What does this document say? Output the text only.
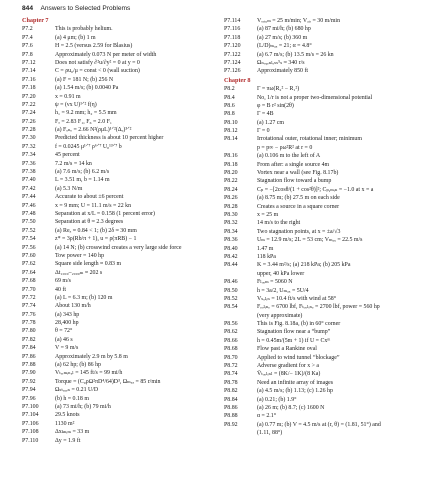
844 Answers to Selected Problems
Chapter 7
P7.2	This is probably helium.
P7.4	(a) 4 μm; (b) 1 m
P7.6	H = 2.5 (versus 2.59 for Blasius)
P7.8	Approximately 0.073 N per meter of width
P7.12	Does not satisfy ∂²u/∂y² = 0 at y = 0
P7.14	C = ρu₀/μ = const < 0 (wall suction)
P7.16	(a) F = 181 N; (b) 256 N
P7.18	(a) 1.54 m/s; (b) 0.0040 Pa
P7.20	x = 0.91 m
P7.22	ψ = (νx U)¹ᐟ² f(η)
P7.24	h₁ = 9.2 mm; h₂ = 5.5 mm
P7.26	Fₐ = 2.83 F₁, F₆ = 2.0 F₁
P7.28	(a) Fₒₙₑ = 2.66 N²(ρμL)¹ᐟ²(Δᵤ)³ᐟ²
P7.30	Predicted thickness is about 10 percent higher
P7.32	f = 0.0245 μ¹ᐟ⁷ ρ⁶ᐟ⁷ U₀¹³ᐟ⁷ b
P7.34	45 percent
P7.36	7.2 m/s = 14 kn
P7.38	(a) 7.6 m/s; (b) 6.2 m/s
P7.40	L = 3.51 m, b = 1.14 m
P7.42	(a) 5.3 N/m
P7.44	Accurate to about ±6 percent
P7.46	x = 9 mm; U = 11.1 m/s = 22 kn
P7.48	Separation at x/L = 0.158 (1 percent error)
P7.50	Separation at θ ≈ 2.3 degrees
P7.52	(a) Reₓ ≈ 0.84 < 1; (b) 2δ ≈ 30 mm
P7.54	z* = 3ρ(Rb/π + 1), u = ρ(πRB) − 1
P7.56	(a) 14 N; (b) crosswind creates a very large side force
P7.60	Tow power = 140 hp
P7.62	Square side length ≈ 0.83 m
P7.64	Δt₁₀₀₀–₂₀₀₀ₘ ≈ 202 s
P7.68	69 m/s
P7.70	40 ft
P7.72	(a) L = 6.3 m; (b) 120 m
P7.74	About 130 m/h
P7.76	(a) 343 hp
P7.78	28,400 hp
P7.80	θ = 72°
P7.82	(a) 46 s
P7.84	V = 9 m/s
P7.86	Approximately 2.9 m by 5.8 m
P7.88	(a) 62 hp; (b) 86 hp
P7.90	Vₜₑᵣₘᵢₙₐₗ = 145 ft/s = 99 mi/h
P7.92	Torque = (C₀ρΩ²πD⁴/64)D³, Ωₘₐₓ = 85 r/min
P7.94	Ωₛₜₑₐₑₙ = 0.21 U/D
P7.96	(b) h = 0.18 m
P7.100	(a) 73 mi/h; (b) 79 mi/h
P7.104	29.5 knots
P7.106	1130 m²
P7.108	Δxₖₙᵢₘ = 33 m
P7.110	Δy = 1.9 ft
P7.114	Vₒᵣᵢᵤₘ = 25 m/min; Vₐᵢᵣ = 30 m/min
P7.116	(a) 87 mi/h; (b) 680 hp
P7.118	(a) 27 m/s; (b) 360 m
P7.120	(L/D)ₘₐₓ = 21; α = 4.8°
P7.122	(a) 6.7 m/s; (b) 13.5 m/s = 26 kn
P7.124	Ωₙₒᵧₑₙₗₑₛₛ⁵ₛ ≈ 340 r/s
P7.126	Approximately 850 ft
Chapter 8
P8.2	Γ = πω(R₂² − R₁²)
P8.4	No, 1/r is not a proper two-dimensional potential
P8.6	φ = B r² sin(2θ)
P8.8	Γ = 4B
P8.10	(a) 1.27 cm
P8.12	Γ = 0
P8.14	Irrotational outer, rotational inner; minimum
p = p∞ − ρω²R² at r = 0
P8.16	(a) 0.106 m to the left of A
P8.18	From after: a single source 4m
P8.20	Vortex near a wall (see Fig. 8.17b)
P8.22	Stagnation flow toward a bump
P8.24	Cₚ = −[2cosθ/(1 + cos²θ)]²; Cₚ,ₘᵢₙ = −1.0 at x = a
P8.26	(a) 8.75 m; (b) 27.5 m on each side
P8.28	Creates a source in a square corner
P8.30	x = 25 m
P8.32	14 m/s to the right
P8.34	Two stagnation points, at x = ±a/√3
P8.36	Uₘ = 12.9 m/s; 2L = 53 cm; Vₘₐₓ = 22.5 m/s
P8.40	1.47 m
P8.42	118 kPa
P8.44	K = 3.44 m²/s; (a) 218 kPa; (b) 205 kPa
upper, 40 kPa lower
P8.46	Fₗₒₒₘ = 5060 N
P8.50	h = 3a/2, Uₘₐₓ = 5U/4
P8.52	Vₛₒₗᵢₙ = 10.4 ft/s with wind at 58°
P8.54	Fₑₒₗᵢₙₑ = 6700 lbf, Fₜₒₒₗᵢₙₑ = 2700 lbf, power = 560 hp
(very approximate)
P8.56	This is Fig. 8.18a, (b) in 60° corner
P8.62	Stagnation flow near a “bump”
P8.66	h = 0.45m/(5m + 1) if U = Cxᵐ
P8.68	Flow past a Rankine oval
P8.70	Applied to wind tunnel “blockage”
P8.72	Adverse gradient for x > a
P8.74	V̄ₜₒₒₗᵢₙₗ = (8K/− 1K)/(8 Ka)
P8.78	Need an infinite array of images
P8.82	(a) 4.5 m/s; (b) 1.13; (c) 1.26 hp
P8.84	(a) 0.21; (b) 1.9°
P8.86	(a) 26 m; (b) 8.7; (c) 1600 N
P8.88	α = 2.1°
P8.92	(a) 0.77 m; (b) V = 4.5 m/s at (r, θ) = (1.81, 51°) and
(1.11, 88°)
